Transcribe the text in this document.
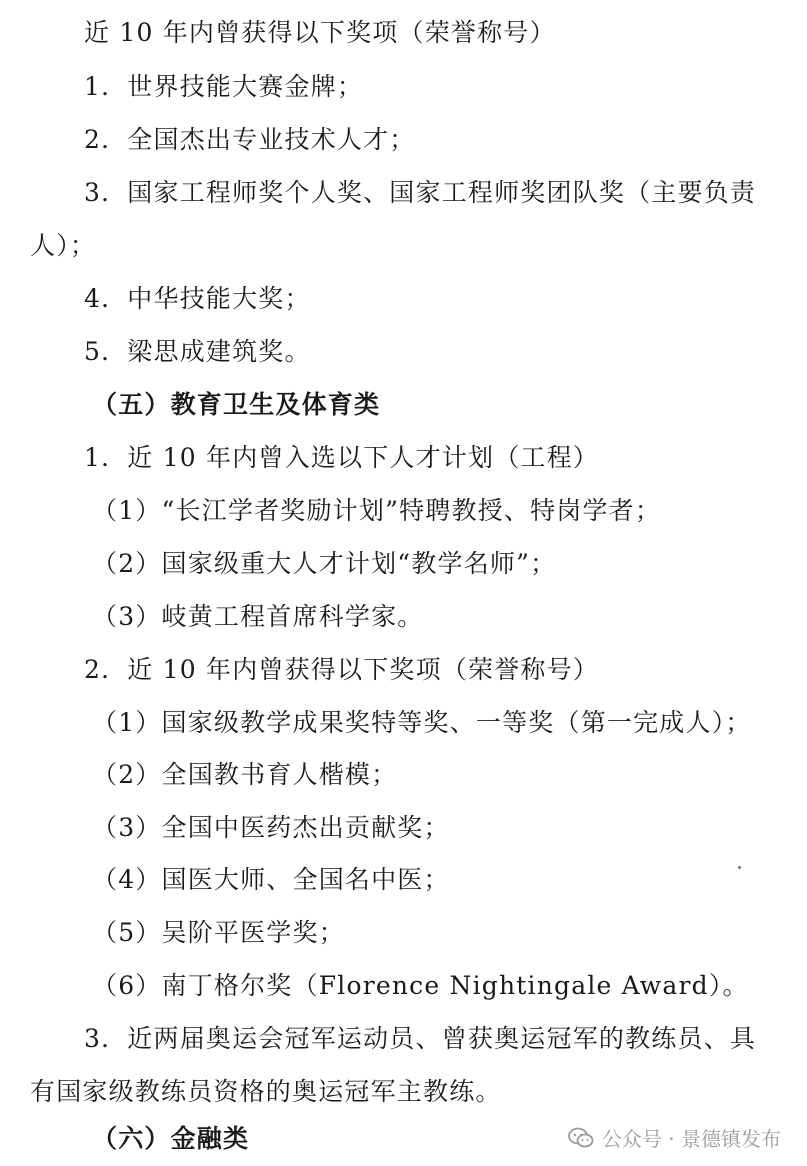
近 10 年内曾获得以下奖项（荣誉称号）
1．世界技能大赛金牌；
2．全国杰出专业技术人才；
3．国家工程师奖个人奖、国家工程师奖团队奖（主要负责
人）；
4．中华技能大奖；
5．梁思成建筑奖。
（五）教育卫生及体育类
1．近 10 年内曾入选以下人才计划（工程）
（1）“长江学者奖励计划”特聘教授、特岗学者；
（2）国家级重大人才计划“教学名师”；
（3）岐黄工程首席科学家。
2．近 10 年内曾获得以下奖项（荣誉称号）
（1）国家级教学成果奖特等奖、一等奖（第一完成人）；
（2）全国教书育人楷模；
（3）全国中医药杰出贡献奖；
（4）国医大师、全国名中医；
（5）吴阶平医学奖；
（6）南丁格尔奖（Florence Nightingale Award）。
3．近两届奥运会冠军运动员、曾获奥运冠军的教练员、具
有国家级教练员资格的奥运冠军主教练。
（六）金融类	公众号 · 景德镇发布
